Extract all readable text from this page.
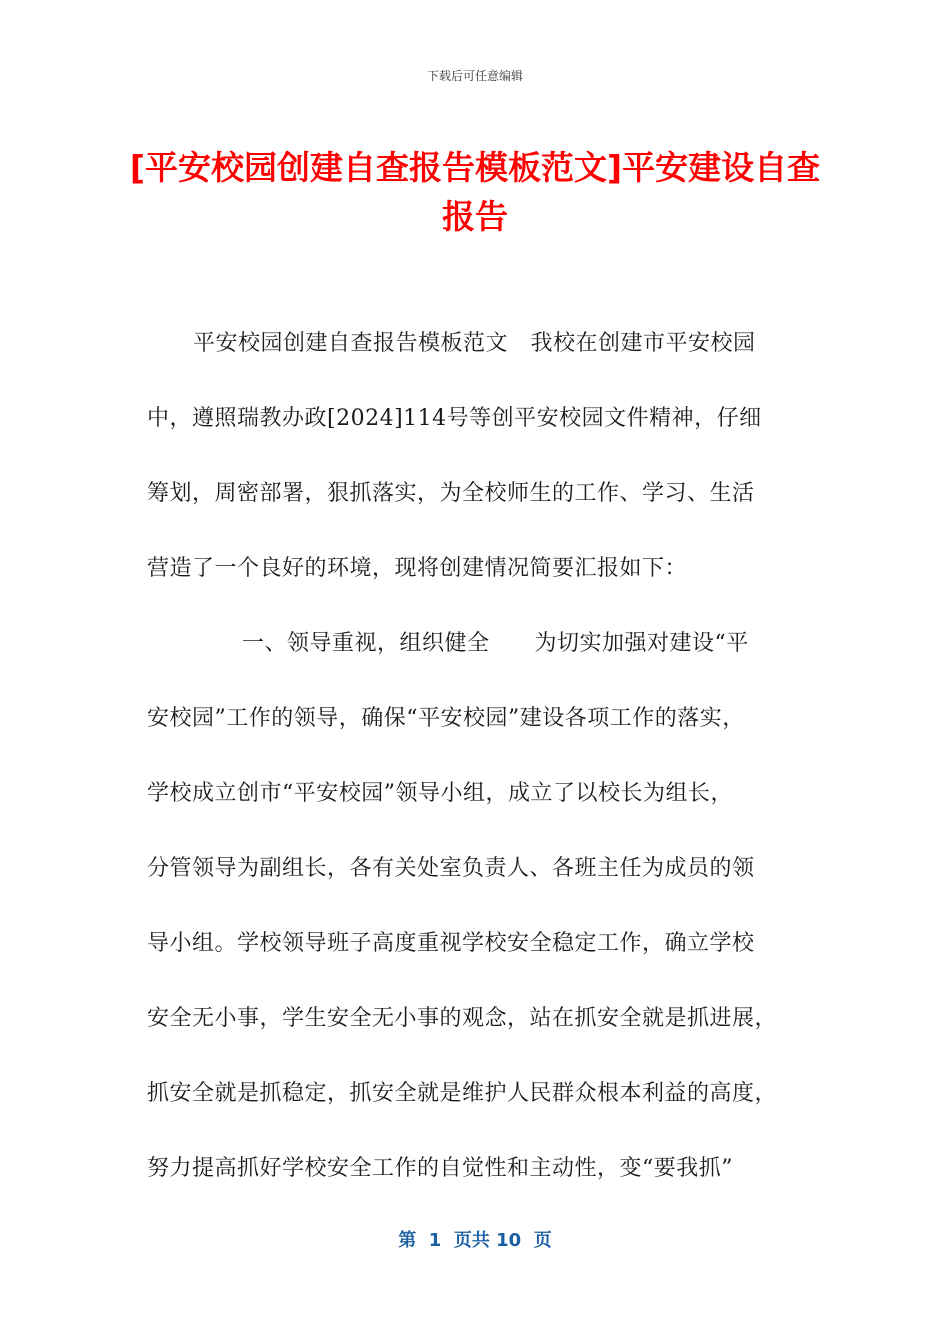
下载后可任意编辑
[平安校园创建自查报告模板范文]平安建设自查报告
平安校园创建自查报告模板范文   我校在创建市平安校园
中，遵照瑞教办政[2024]114号等创平安校园文件精神，仔细
筹划，周密部署，狠抓落实，为全校师生的工作、学习、生活
营造了一个良好的环境，现将创建情况简要汇报如下：
一、领导重视，组织健全      为切实加强对建设“平
安校园”工作的领导，确保“平安校园”建设各项工作的落实，
学校成立创市“平安校园”领导小组，成立了以校长为组长，
分管领导为副组长，各有关处室负责人、各班主任为成员的领
导小组。学校领导班子高度重视学校安全稳定工作，确立学校
安全无小事，学生安全无小事的观念，站在抓安全就是抓进展，
抓安全就是抓稳定，抓安全就是维护人民群众根本利益的高度，
努力提高抓好学校安全工作的自觉性和主动性，变“要我抓”
第  1  页共 10  页
